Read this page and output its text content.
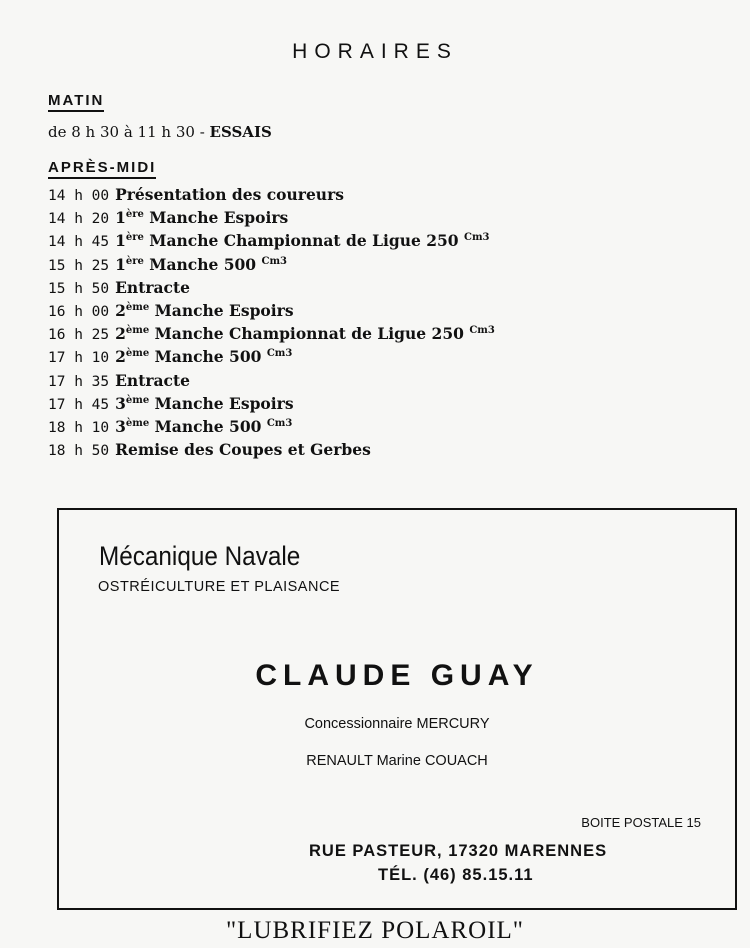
HORAIRES
MATIN
de 8 h 30 à 11 h 30 - ESSAIS
APRÈS-MIDI
14 h 00 Présentation des coureurs
14 h 20 1ère Manche Espoirs
14 h 45 1ère Manche Championnat de Ligue 250 $^{Cm3}$
15 h 25 1ère Manche 500 $^{Cm3}$
15 h 50 Entracte
16 h 00 2ème Manche Espoirs
16 h 25 2ème Manche Championnat de Ligue 250 $^{Cm3}$
17 h 10 2ème Manche 500 $^{Cm3}$
17 h 35 Entracte
17 h 45 3ème Manche Espoirs
18 h 10 3ème Manche 500 $^{Cm3}$
18 h 50 Remise des Coupes et Gerbes
Mécanique Navale
OSTRÉICULTURE ET PLAISANCE
CLAUDE GUAY
Concessionnaire MERCURY
RENAULT Marine COUACH
BOITE POSTALE 15
RUE PASTEUR, 17320 MARENNES
TÉL. (46) 85.15.11
"LUBRIFIEZ POLAROIL"
